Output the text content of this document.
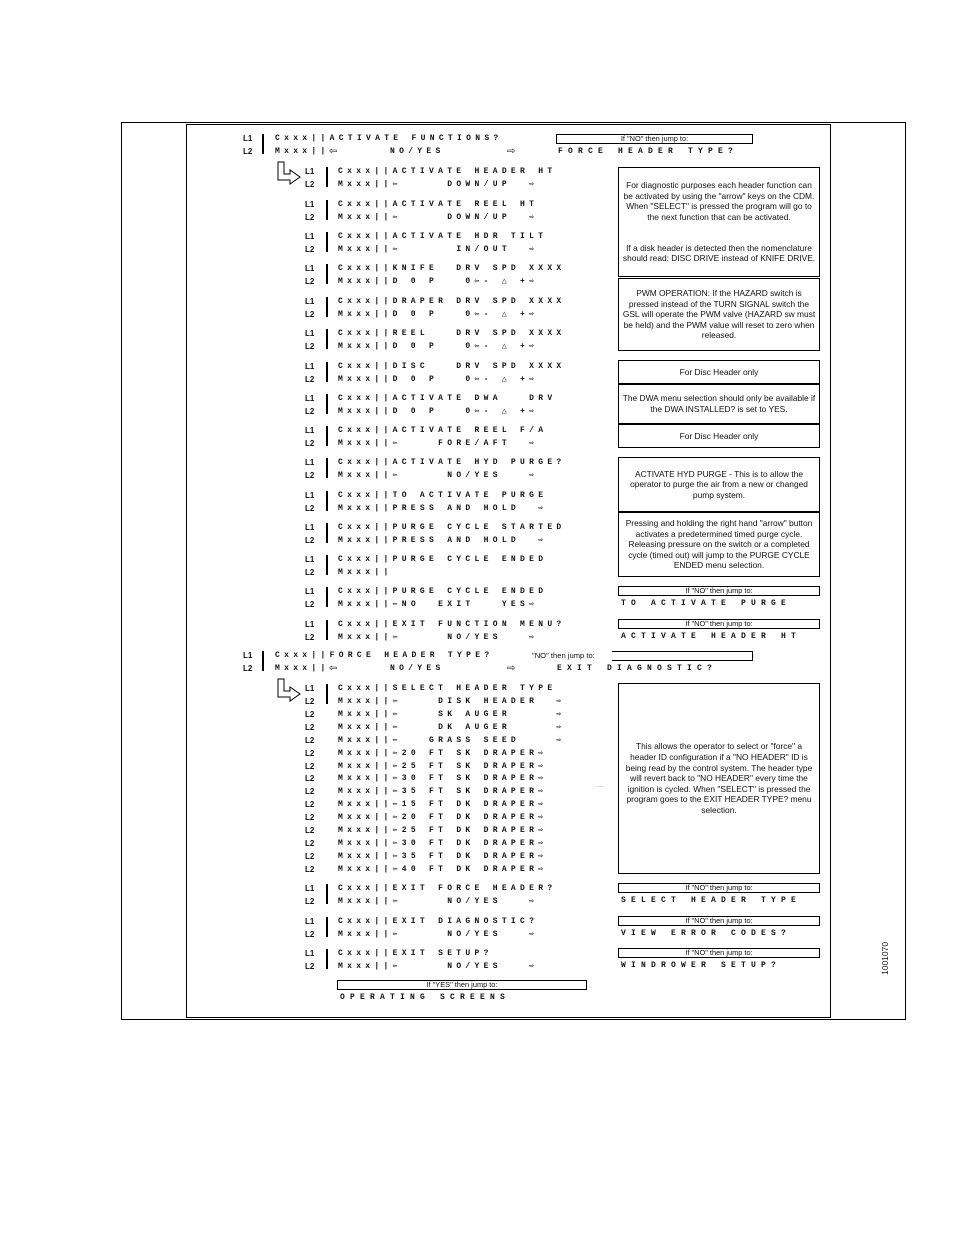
L1
L2
Cxxx||ACTIVATE FUNCTIONS?
Mxxx|| ⇦	NO/YES	⇨
If "NO" then jump to:
FORCE HEADER TYPE?
L1	Cxxx||ACTIVATE HEADER HT
L2	Mxxx||⇦     DOWN/UP  ⇨
L1	Cxxx||ACTIVATE REEL HT
L2	Mxxx||⇦     DOWN/UP  ⇨
L1	Cxxx||ACTIVATE HDR TILT
L2	Mxxx||⇦      IN/OUT  ⇨
L1	Cxxx||KNIFE  DRV SPD XXXX
L2	Mxxx||D 0 P   0⇦- △ +⇨
L1	Cxxx||DRAPER DRV SPD XXXX
L2	Mxxx||D 0 P   0⇦- △ +⇨
L1	Cxxx||REEL   DRV SPD XXXX
L2	Mxxx||D 0 P   0⇦- △ +⇨
L1	Cxxx||DISC   DRV SPD XXXX
L2	Mxxx||D 0 P   0⇦- △ +⇨
L1	Cxxx||ACTIVATE DWA   DRV
L2	Mxxx||D 0 P   0⇦- △ +⇨
L1	Cxxx||ACTIVATE REEL F/A
L2	Mxxx||⇦    FORE/AFT  ⇨
L1	Cxxx||ACTIVATE HYD PURGE?
L2	Mxxx||⇦     NO/YES   ⇨
L1	Cxxx||TO ACTIVATE PURGE
L2	Mxxx||PRESS AND HOLD  ⇨
L1	Cxxx||PURGE CYCLE STARTED
L2	Mxxx||PRESS AND HOLD  ⇨
L1	Cxxx||PURGE CYCLE ENDED
L2	Mxxx||
L1	Cxxx||PURGE CYCLE ENDED
L2	Mxxx||⇦NO  EXIT   YES⇨
L1	Cxxx||EXIT FUNCTION MENU?
L2	Mxxx||⇦     NO/YES   ⇨
For diagnostic purposes each header function can be activated by using the "arrow" keys on the CDM. When "SELECT" is pressed the program will go to the next function that can be activated.
If a disk header is detected then the nomenclature should read: DISC DRIVE instead of KNIFE DRIVE.
PWM OPERATION: If the HAZARD switch is pressed instead of the TURN SIGNAL switch the GSL will operate the PWM valve (HAZARD sw must be held) and the PWM value will reset to zero when released.
For Disc Header only
The DWA menu selection should only be available if the DWA INSTALLED? is set to YES.
For Disc Header only
ACTIVATE HYD PURGE - This is to allow the operator to purge the air from a new or changed pump system.
Pressing and holding the right hand "arrow" button activates a predetermined timed purge cycle. Releasing pressure on the switch or a completed cycle (timed out) will jump to the PURGE CYCLE ENDED menu selection.
If "NO" then jump to:
TO ACTIVATE PURGE
If "NO" then jump to:
ACTIVATE HEADER HT
L1
L2
Cxxx||FORCE HEADER TYPE?
Mxxx|| ⇦	NO/YES	⇨
"NO" then jump to:
EXIT DIAGNOSTIC?
L1	Cxxx||SELECT HEADER TYPE
L2	Mxxx||⇦    DISK HEADER  ⇨
L2	Mxxx||⇦    SK AUGER     ⇨
L2	Mxxx||⇦    DK AUGER     ⇨
L2	Mxxx||⇦   GRASS SEED    ⇨
L2	Mxxx||⇦20 FT SK DRAPER⇨
L2	Mxxx||⇦25 FT SK DRAPER⇨
L2	Mxxx||⇦30 FT SK DRAPER⇨
L2	Mxxx||⇦35 FT SK DRAPER⇨
L2	Mxxx||⇦15 FT DK DRAPER⇨
L2	Mxxx||⇦20 FT DK DRAPER⇨
L2	Mxxx||⇦25 FT DK DRAPER⇨
L2	Mxxx||⇦30 FT DK DRAPER⇨
L2	Mxxx||⇦35 FT DK DRAPER⇨
L2	Mxxx||⇦40 FT DK DRAPER⇨
This allows the operator to select or "force" a header ID configuration if a "NO HEADER" ID is being read by the control system. The header type will revert back to "NO HEADER" every time the ignition is cycled. When "SELECT" is pressed the program goes to the EXIT HEADER TYPE? menu selection.
...
L1	Cxxx||EXIT FORCE HEADER?
L2	Mxxx||⇦     NO/YES   ⇨
L1	Cxxx||EXIT DIAGNOSTIC?
L2	Mxxx||⇦     NO/YES   ⇨
L1	Cxxx||EXIT SETUP?
L2	Mxxx||⇦     NO/YES   ⇨
If "NO" then jump to:
SELECT HEADER TYPE
If "NO" then jump to:
VIEW ERROR CODES?
If "NO" then jump to:
WINDROWER SETUP?
If "YES" then jump to:
OPERATING SCREENS
1001070
